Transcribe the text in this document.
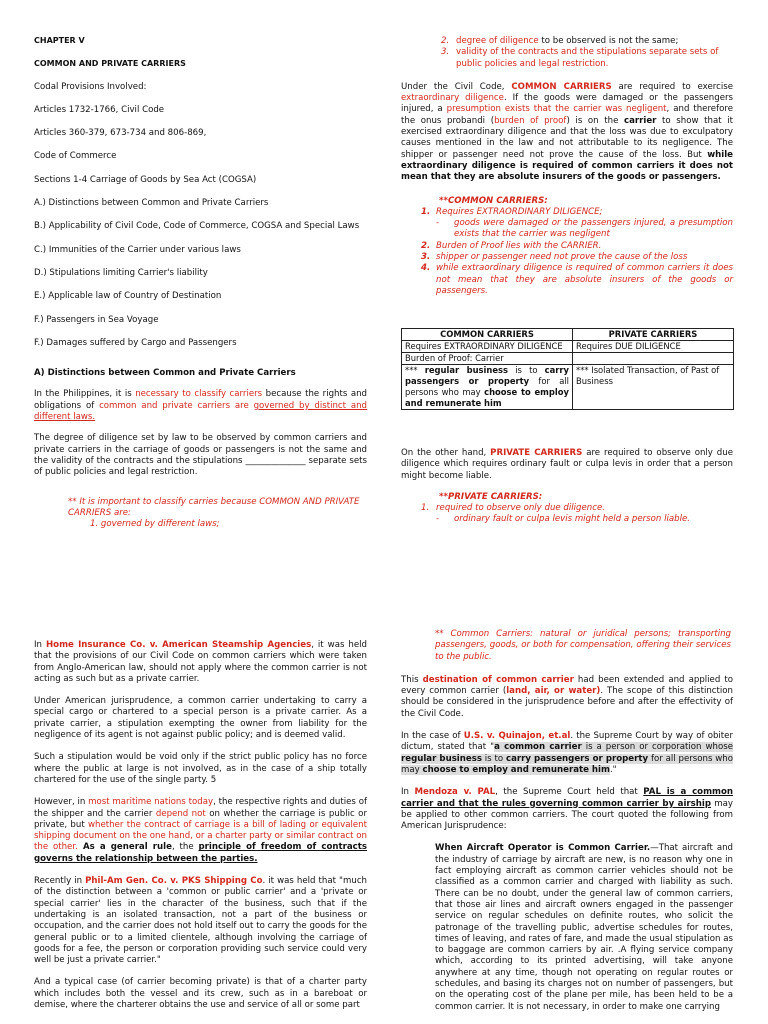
CHAPTER V

COMMON AND PRIVATE CARRIERS

Codal Provisions Involved:

Articles 1732-1766, Civil Code

Articles 360-379, 673-734 and 806-869,

Code of Commerce

Sections 1-4 Carriage of Goods by Sea Act (COGSA)

A.) Distinctions between Common and Private Carriers

B.) Applicability of Civil Code, Code of Commerce, COGSA and Special Laws

C.) Immunities of the Carrier under various laws

D.) Stipulations limiting Carrier's liability

E.) Applicable law of Country of Destination

F.) Passengers in Sea Voyage

F.) Damages suffered by Cargo and Passengers

A) Distinctions between Common and Private Carriers

In the Philippines, it is necessary to classify carriers because the rights and obligations of common and private carriers are governed by distinct and different laws.

The degree of diligence set by law to be observed by common carriers and private carriers in the carriage of goods or passengers is not the same and the validity of the contracts and the stipulations ______________ separate sets of public policies and legal restriction.

** It is important to classify carries because COMMON AND PRIVATE CARRIERS are:

1. governed by different laws;

In Home Insurance Co. v. American Steamship Agencies, it was held that the provisions of our Civil Code on common carriers which were taken from Anglo-American law, should not apply where the common carrier is not acting as such but as a private carrier.

Under American jurisprudence, a common carrier undertaking to carry a special cargo or chartered to a special person is a private carrier. As a private carrier, a stipulation exempting the owner from liability for the negligence of its agent is not against public policy; and is deemed valid.

Such a stipulation would be void only if the strict public policy has no force where the public at large is not involved, as in the case of a ship totally chartered for the use of the single party. 5

However, in most maritime nations today, the respective rights and duties of the shipper and the carrier depend not on whether the carriage is public or private, but whether the contract of carriage is a bill of lading or equivalent shipping document on the one hand, or a charter party or similar contract on the other. As a general rule, the principle of freedom of contracts governs the relationship between the parties.

Recently in Phil-Am Gen. Co. v. PKS Shipping Co. it was held that "much of the distinction between a 'common or public carrier' and a 'private or special carrier' lies in the character of the business, such that if the undertaking is an isolated transaction, not a part of the business or occupation, and the carrier does not hold itself out to carry the goods for the general public or to a limited clientele, although involving the carriage of goods for a fee, the person or corporation providing such service could very well be just a private carrier."

And a typical case (of carrier becoming private) is that of a charter party which includes both the vessel and its crew, such as in a bareboat or demise, where the charterer obtains the use and service of all or some part

2. degree of diligence to be observed is not the same;
3. validity of the contracts and the stipulations separate sets of public policies and legal restriction.

Under the Civil Code, COMMON CARRIERS are required to exercise extraordinary diligence. If the goods were damaged or the passengers injured, a presumption exists that the carrier was negligent, and therefore the onus probandi (burden of proof) is on the carrier to show that it exercised extraordinary diligence and that the loss was due to exculpatory causes mentioned in the law and not attributable to its negligence. The shipper or passenger need not prove the cause of the loss. But while extraordinary diligence is required of common carriers it does not mean that they are absolute insurers of the goods or passengers.

**COMMON CARRIERS:

1. Requires EXTRAORDINARY DILIGENCE;
-	goods were damaged or the passengers injured, a presumption exists that the carrier was negligent
2. Burden of Proof lies with the CARRIER.
3. shipper or passenger need not prove the cause of the loss
4. while extraordinary diligence is required of common carriers it does not mean that they are absolute insurers of the goods or passengers.
COMMON CARRIERS	PRIVATE CARRIERS
Requires EXTRAORDINARY DILIGENCE	Requires DUE DILIGENCE
Burden of Proof: Carrier	
*** regular business is to carry passengers or property for all persons who may choose to employ and remunerate him	*** Isolated Transaction, of Past of Business

On the other hand, PRIVATE CARRIERS are required to observe only due diligence which requires ordinary fault or culpa levis in order that a person might become liable.

**PRIVATE CARRIERS:

1. required to observe only due diligence.
-	ordinary fault or culpa levis might held a person liable.

** Common Carriers: natural or juridical persons; transporting passengers, goods, or both for compensation, offering their services to the public.

This destination of common carrier had been extended and applied to every common carrier (land, air, or water). The scope of this distinction should be considered in the jurisprudence before and after the effectivity of the Civil Code.

In the case of U.S. v. Quinajon, et.al. the Supreme Court by way of obiter dictum, stated that "a common carrier is a person or corporation whose regular business is to carry passengers or property for all persons who may choose to employ and remunerate him."

In Mendoza v. PAL, the Supreme Court held that PAL is a common carrier and that the rules governing common carrier by airship may be applied to other common carriers. The court quoted the following from American Jurisprudence:

When Aircraft Operator is Common Carrier.—That aircraft and the industry of carriage by aircraft are new, is no reason why one in fact employing aircraft as common carrier vehicles should not be classified as a common carrier and charged with liability as such. There can be no doubt, under the general law of common carriers, that those air lines and aircraft owners engaged in the passenger service on regular schedules on definite routes, who solicit the patronage of the travelling public, advertise schedules for routes, times of leaving, and rates of fare, and made the usual stipulation as to baggage are common carriers by air. .A flying service company which, according to its printed advertising, will take anyone anywhere at any time, though not operating on regular routes or schedules, and basing its charges not on number of passengers, but on the operating cost of the plane per mile, has been held to be a common carrier. It is not necessary, in order to make one carrying
